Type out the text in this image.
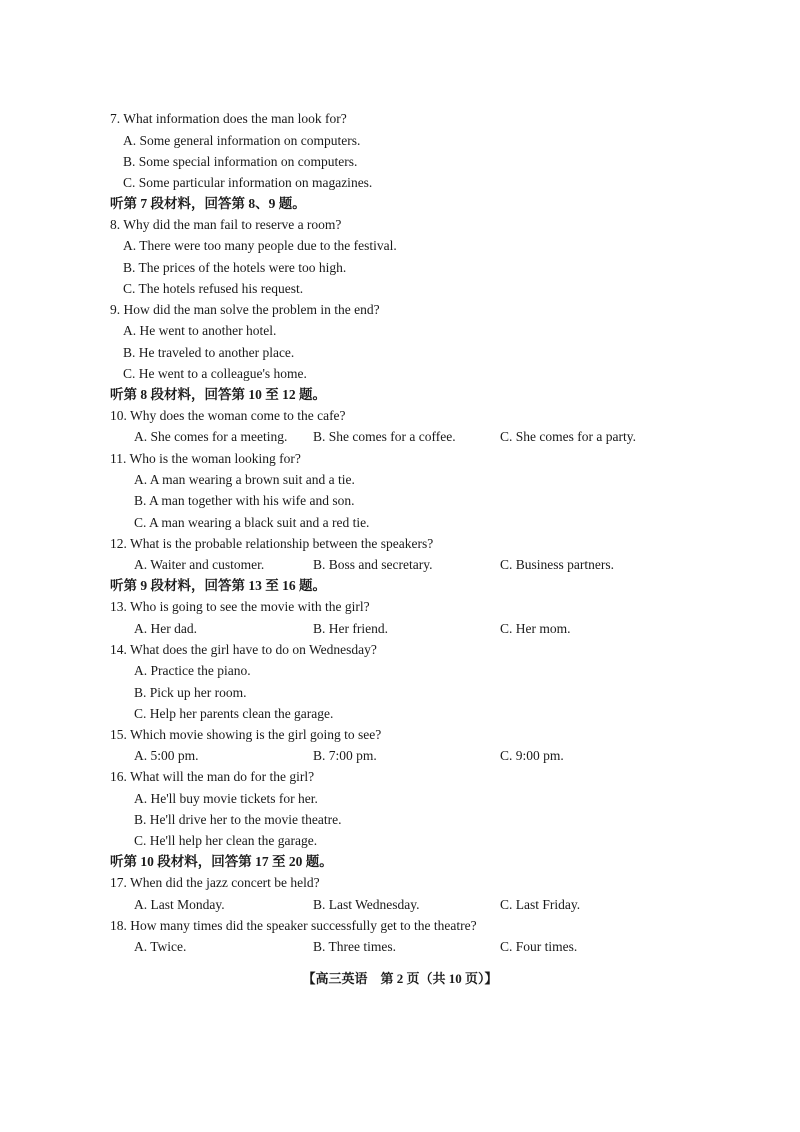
7. What information does the man look for?
A. Some general information on computers.
B. Some special information on computers.
C. Some particular information on magazines.
听第 7 段材料，回答第 8、9 题。
8. Why did the man fail to reserve a room?
A. There were too many people due to the festival.
B. The prices of the hotels were too high.
C. The hotels refused his request.
9. How did the man solve the problem in the end?
A. He went to another hotel.
B. He traveled to another place.
C. He went to a colleague's home.
听第 8 段材料，回答第 10 至 12 题。
10. Why does the woman come to the cafe?
A. She comes for a meeting. B. She comes for a coffee.	C. She comes for a party.
11. Who is the woman looking for?
A. A man wearing a brown suit and a tie.
B. A man together with his wife and son.
C. A man wearing a black suit and a red tie.
12. What is the probable relationship between the speakers?
A. Waiter and customer.	B. Boss and secretary.	C. Business partners.
听第 9 段材料，回答第 13 至 16 题。
13. Who is going to see the movie with the girl?
A. Her dad.	B. Her friend.	C. Her mom.
14. What does the girl have to do on Wednesday?
A. Practice the piano.
B. Pick up her room.
C. Help her parents clean the garage.
15. Which movie showing is the girl going to see?
A. 5:00 pm.	B. 7:00 pm.	C. 9:00 pm.
16. What will the man do for the girl?
A. He'll buy movie tickets for her.
B. He'll drive her to the movie theatre.
C. He'll help her clean the garage.
听第 10 段材料，回答第 17 至 20 题。
17. When did the jazz concert be held?
A. Last Monday.	B. Last Wednesday.	C. Last Friday.
18. How many times did the speaker successfully get to the theatre?
A. Twice.	B. Three times.	C. Four times.
【高三英语　第 2 页（共 10 页）】
